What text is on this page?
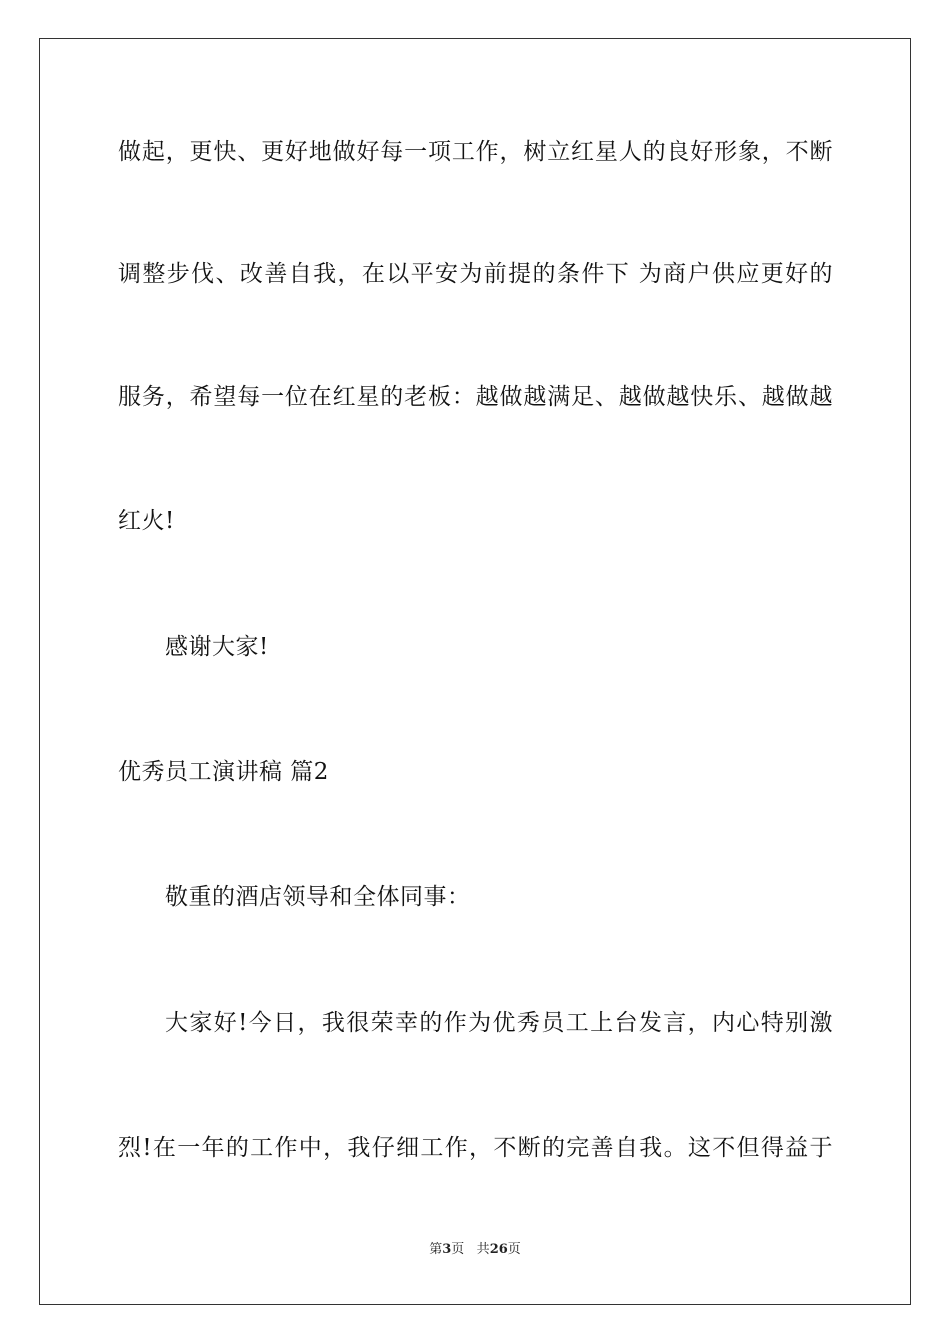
做起，更快、更好地做好每一项工作，树立红星人的良好形象，不断
调整步伐、改善自我，在以平安为前提的条件下 为商户供应更好的
服务，希望每一位在红星的老板：越做越满足、越做越快乐、越做越
红火!
感谢大家!
优秀员工演讲稿 篇2
敬重的酒店领导和全体同事：
大家好!今日，我很荣幸的作为优秀员工上台发言，内心特别激
烈!在一年的工作中，我仔细工作，不断的完善自我。这不但得益于
第3页 共26页
